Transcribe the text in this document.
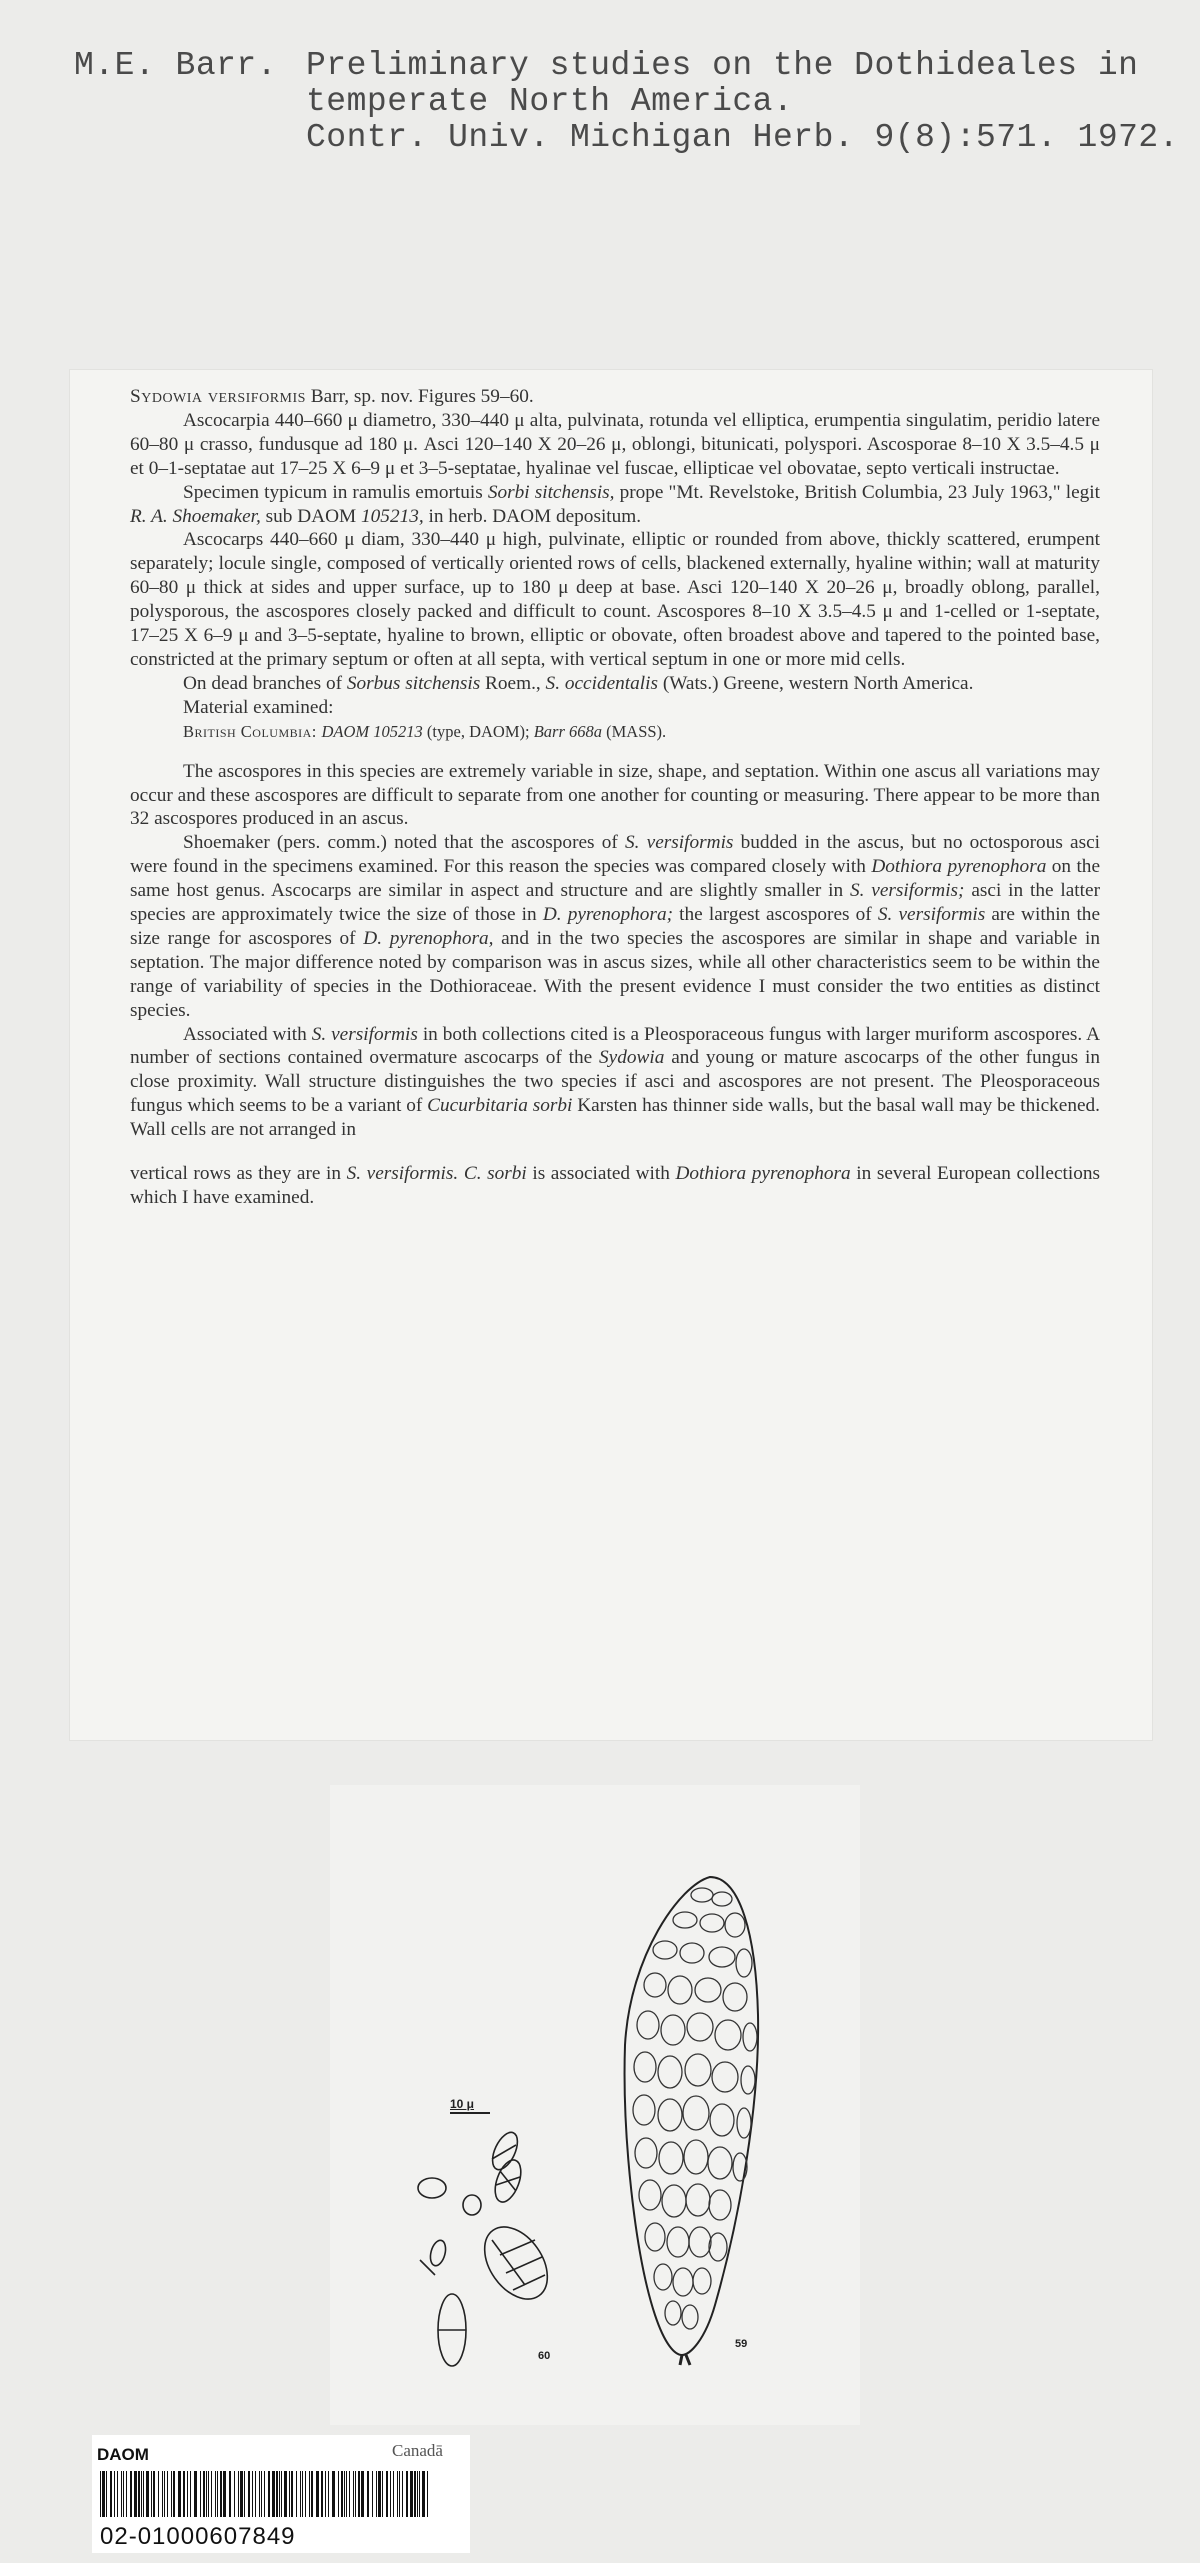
M.E. Barr. Preliminary studies on the Dothideales in
temperate North America.
Contr. Univ. Michigan Herb. 9(8):571. 1972.

Sydowia versiformis Barr, sp. nov. Figures 59–60.

Ascocarpia 440–660 μ diametro, 330–440 μ alta, pulvinata, rotunda vel elliptica, erumpentia singulatim, peridio latere 60–80 μ crasso, fundusque ad 180 μ. Asci 120–140 X 20–26 μ, oblongi, bitunicati, polyspori. Ascosporae 8–10 X 3.5–4.5 μ et 0–1-septatae aut 17–25 X 6–9 μ et 3–5-septatae, hyalinae vel fuscae, ellipticae vel obovatae, septo verticali instructae.

Specimen typicum in ramulis emortuis Sorbi sitchensis, prope "Mt. Revelstoke, British Columbia, 23 July 1963," legit R. A. Shoemaker, sub DAOM 105213, in herb. DAOM depositum.

Ascocarps 440–660 μ diam, 330–440 μ high, pulvinate, elliptic or rounded from above, thickly scattered, erumpent separately; locule single, composed of vertically oriented rows of cells, blackened externally, hyaline within; wall at maturity 60–80 μ thick at sides and upper surface, up to 180 μ deep at base. Asci 120–140 X 20–26 μ, broadly oblong, parallel, polysporous, the ascospores closely packed and difficult to count. Ascospores 8–10 X 3.5–4.5 μ and 1-celled or 1-septate, 17–25 X 6–9 μ and 3–5-septate, hyaline to brown, elliptic or obovate, often broadest above and tapered to the pointed base, constricted at the primary septum or often at all septa, with vertical septum in one or more mid cells.

On dead branches of Sorbus sitchensis Roem., S. occidentalis (Wats.) Greene, western North America.

Material examined:

British Columbia: DAOM 105213 (type, DAOM); Barr 668a (MASS).

The ascospores in this species are extremely variable in size, shape, and septation. Within one ascus all variations may occur and these ascospores are difficult to separate from one another for counting or measuring. There appear to be more than 32 ascospores produced in an ascus.

Shoemaker (pers. comm.) noted that the ascospores of S. versiformis budded in the ascus, but no octosporous asci were found in the specimens examined. For this reason the species was compared closely with Dothiora pyrenophora on the same host genus. Ascocarps are similar in aspect and structure and are slightly smaller in S. versiformis; asci in the latter species are approximately twice the size of those in D. pyrenophora; the largest ascospores of S. versiformis are within the size range for ascospores of D. pyrenophora, and in the two species the ascospores are similar in shape and variable in septation. The major difference noted by comparison was in ascus sizes, while all other characteristics seem to be within the range of variability of species in the Dothioraceae. With the present evidence I must consider the two entities as distinct species.

Associated with S. versiformis in both collections cited is a Pleosporaceous fungus with larger muriform ascospores. A number of sections contained overmature ascocarps of the Sydowia and young or mature ascocarps of the other fungus in close proximity. Wall structure distinguishes the two species if asci and ascospores are not present. The Pleosporaceous fungus which seems to be a variant of Cucurbitaria sorbi Karsten has thinner side walls, but the basal wall may be thickened. Wall cells are not arranged in

vertical rows as they are in S. versiformis. C. sorbi is associated with Dothiora pyrenophora in several European collections which I have examined.

10 μ
60
59
DAOM	Canadā
02-01000607849
